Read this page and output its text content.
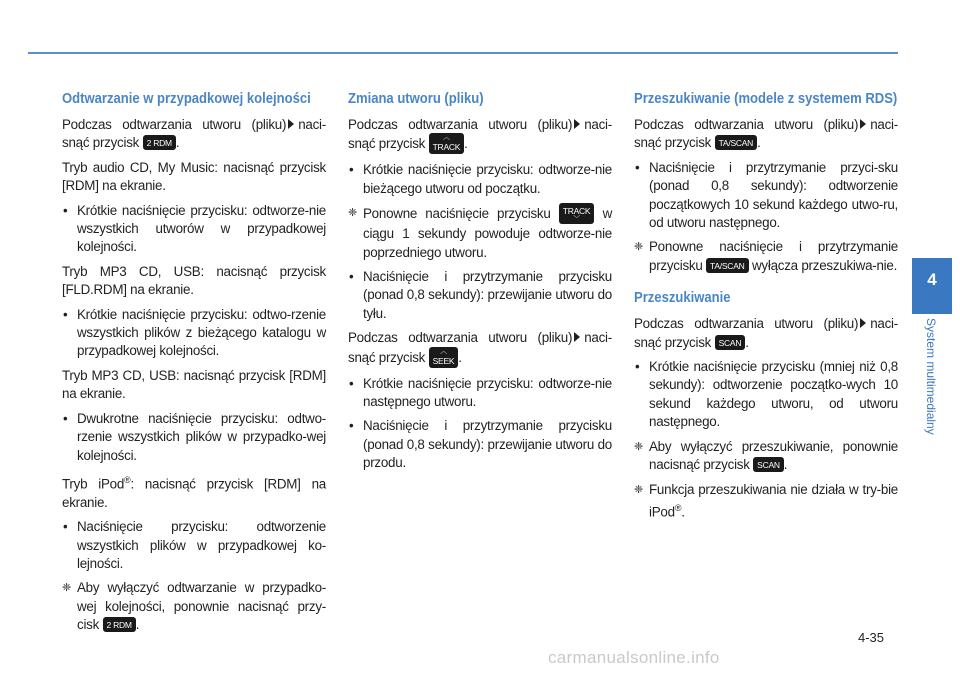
Odtwarzanie w przypadkowej kolejności

Podczas odtwarzania utworu (pliku) naci-snąć przycisk 2 RDM .

Tryb audio CD, My Music: nacisnąć przycisk [RDM] na ekranie.

• Krótkie naciśnięcie przycisku: odtworze-nie wszystkich utworów w przypadkowej kolejności.

Tryb MP3 CD, USB: nacisnąć przycisk [FLD.RDM] na ekranie.

• Krótkie naciśnięcie przycisku: odtwo-rzenie wszystkich plików z bieżącego katalogu w przypadkowej kolejności.

Tryb MP3 CD, USB: nacisnąć przycisk [RDM] na ekranie.

• Dwukrotne naciśnięcie przycisku: odtwo-rzenie wszystkich plików w przypadko-wej kolejności.

Tryb iPod®: nacisnąć przycisk [RDM] na ekranie.

• Naciśnięcie przycisku: odtworzenie wszystkich plików w przypadkowej ko-lejności.

❈ Aby wyłączyć odtwarzanie w przypadko-wej kolejności, ponownie nacisnąć przy-cisk 2 RDM .

Zmiana utworu (pliku)

Podczas odtwarzania utworu (pliku) naci-snąć przycisk	︿
TRACK .

• Krótkie naciśnięcie przycisku: odtworze-nie bieżącego utworu od początku.

❈ Ponowne naciśnięcie przycisku TRACK
﹀	w ciągu 1 sekundy powoduje odtworze-nie poprzedniego utworu.

• Naciśnięcie i przytrzymanie przycisku (ponad 0,8 sekundy): przewijanie utworu do tyłu.

Podczas odtwarzania utworu (pliku) naci-snąć przycisk	︿
SEEK .

• Krótkie naciśnięcie przycisku: odtworze-nie następnego utworu.

• Naciśnięcie i przytrzymanie przycisku (ponad 0,8 sekundy): przewijanie utworu do przodu.

Przeszukiwanie (modele z systemem RDS)

Podczas odtwarzania utworu (pliku) naci-snąć przycisk TA/SCAN .

• Naciśnięcie i przytrzymanie przyci-sku (ponad 0,8 sekundy): odtworzenie początkowych 10 sekund każdego utwo-ru, od utworu następnego.

❈ Ponowne naciśnięcie i przytrzymanie przycisku TA/SCAN wyłącza przeszukiwa-nie.

Przeszukiwanie

Podczas odtwarzania utworu (pliku) naci-snąć przycisk SCAN .

• Krótkie naciśnięcie przycisku (mniej niż 0,8 sekundy): odtworzenie początko-wych 10 sekund każdego utworu, od utworu następnego.

❈ Aby wyłączyć przeszukiwanie, ponownie nacisnąć przycisk SCAN .

❈ Funkcja przeszukiwania nie działa w try-bie iPod®.

4
System multimedialny
4-35
carmanualsonline.info
